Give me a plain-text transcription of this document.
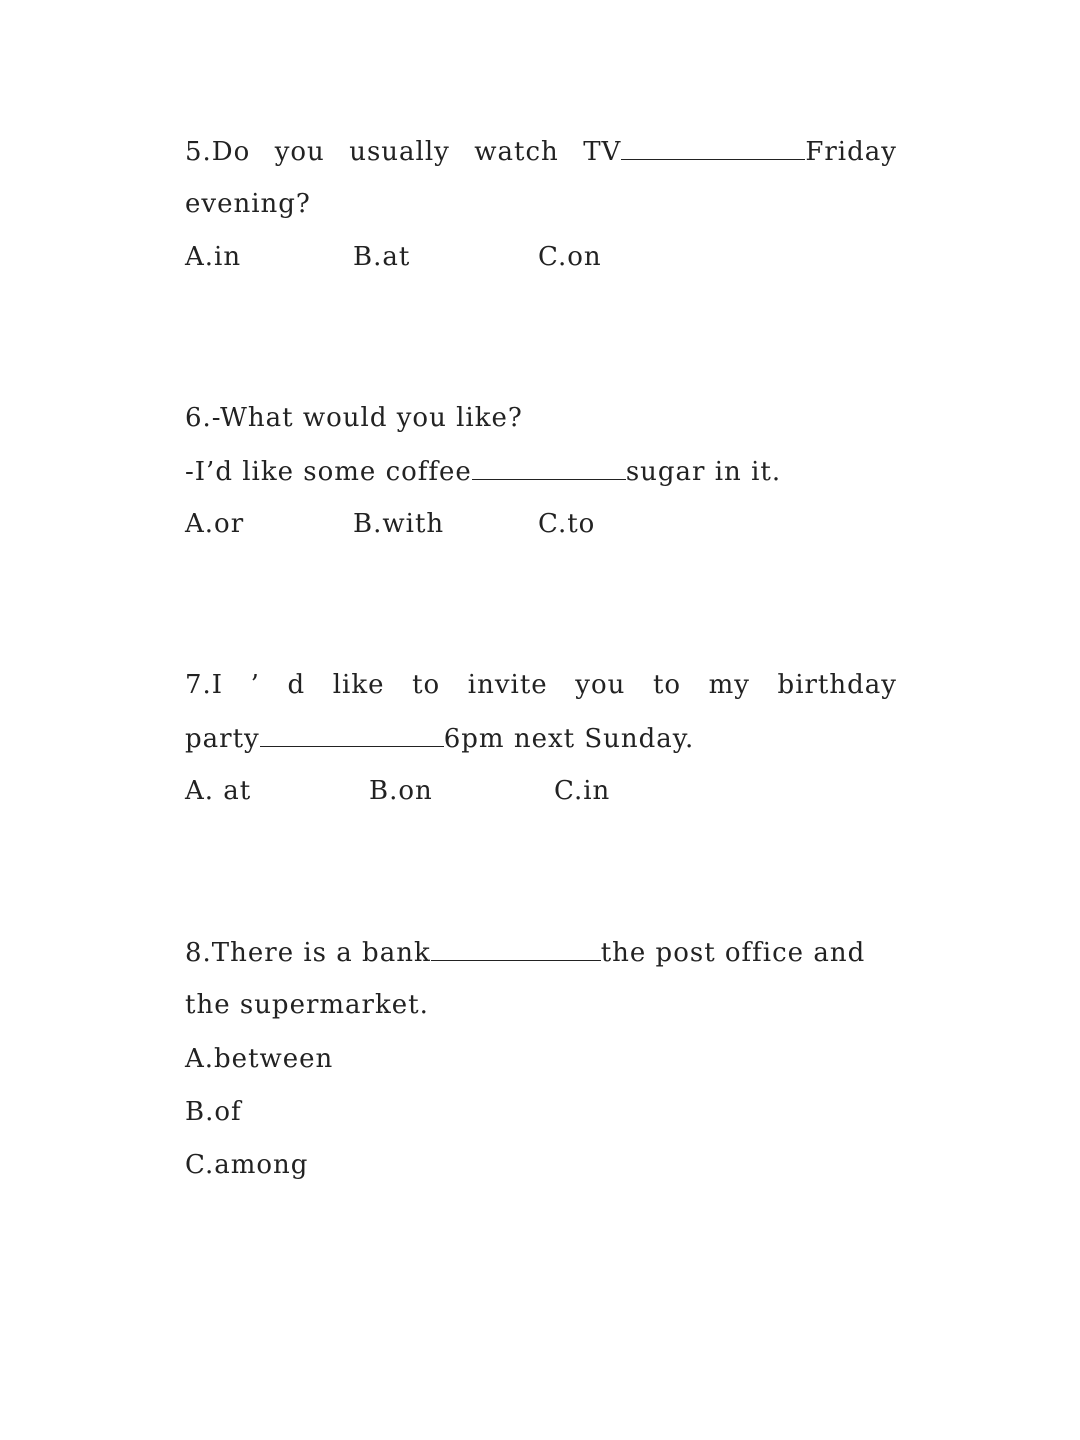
5.Do you usually watch TV	Friday
evening?
A.in	B.at	C.on
6.-What would you like?
-I’d like some coffee	sugar in it.
A.or	B.with	C.to
7.I ’ d like to invite you to my birthday
party	6pm next Sunday.
A. at	B.on	C.in
8.There is a bank	the post office and
the supermarket.
A.between
B.of
C.among
